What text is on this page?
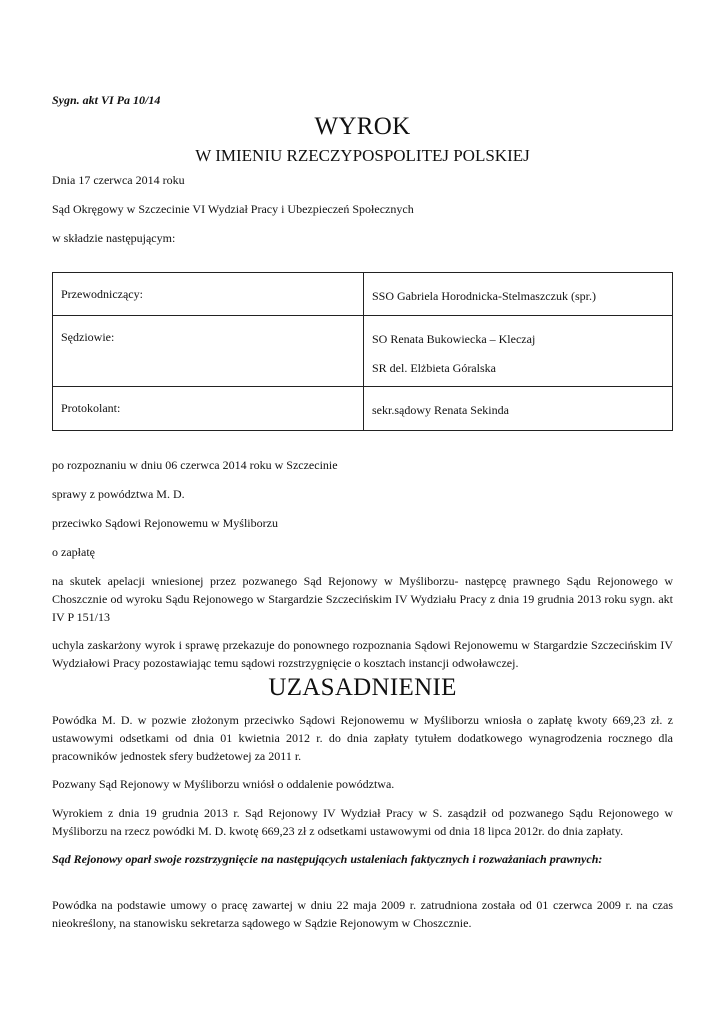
Sygn. akt VI Pa 10/14
WYROK
W IMIENIU RZECZYPOSPOLITEJ POLSKIEJ

Dnia 17 czerwca 2014 roku

Sąd Okręgowy w Szczecinie VI Wydział Pracy i Ubezpieczeń Społecznych

w składzie następującym:

Przewodniczący:	SSO Gabriela Horodnicka-Stelmaszczuk (spr.)

Sędziowie:	SO Renata Bukowiecka – Kleczaj
SR del. Elżbieta Góralska

Protokolant:	sekr.sądowy Renata Sekinda

po rozpoznaniu w dniu 06 czerwca 2014 roku w Szczecinie

sprawy z powództwa M. D.

przeciwko Sądowi Rejonowemu w Myśliborzu

o zapłatę

na skutek apelacji wniesionej przez pozwanego Sąd Rejonowy w Myśliborzu- następcę prawnego Sądu Rejonowego w Choszcznie od wyroku Sądu Rejonowego w Stargardzie Szczecińskim IV Wydziału Pracy z dnia 19 grudnia 2013 roku sygn. akt IV P 151/13

uchyla zaskarżony wyrok i sprawę przekazuje do ponownego rozpoznania Sądowi Rejonowemu w Stargardzie Szczecińskim IV Wydziałowi Pracy pozostawiając temu sądowi rozstrzygnięcie o kosztach instancji odwoławczej.

UZASADNIENIE

Powódka M. D. w pozwie złożonym przeciwko Sądowi Rejonowemu w Myśliborzu wniosła o zapłatę kwoty 669,23 zł. z ustawowymi odsetkami od dnia 01 kwietnia 2012 r. do dnia zapłaty tytułem dodatkowego wynagrodzenia rocznego dla pracowników jednostek sfery budżetowej za 2011 r.

Pozwany Sąd Rejonowy w Myśliborzu wniósł o oddalenie powództwa.

Wyrokiem z dnia 19 grudnia 2013 r. Sąd Rejonowy IV Wydział Pracy w S. zasądził od pozwanego Sądu Rejonowego w Myśliborzu na rzecz powódki M. D. kwotę 669,23 zł z odsetkami ustawowymi od dnia 18 lipca 2012r. do dnia zapłaty.

Sąd Rejonowy oparł swoje rozstrzygnięcie na następujących ustaleniach faktycznych i rozważaniach prawnych:

Powódka na podstawie umowy o pracę zawartej w dniu 22 maja 2009 r. zatrudniona została od 01 czerwca 2009 r. na czas nieokreślony, na stanowisku sekretarza sądowego w Sądzie Rejonowym w Choszcznie.
